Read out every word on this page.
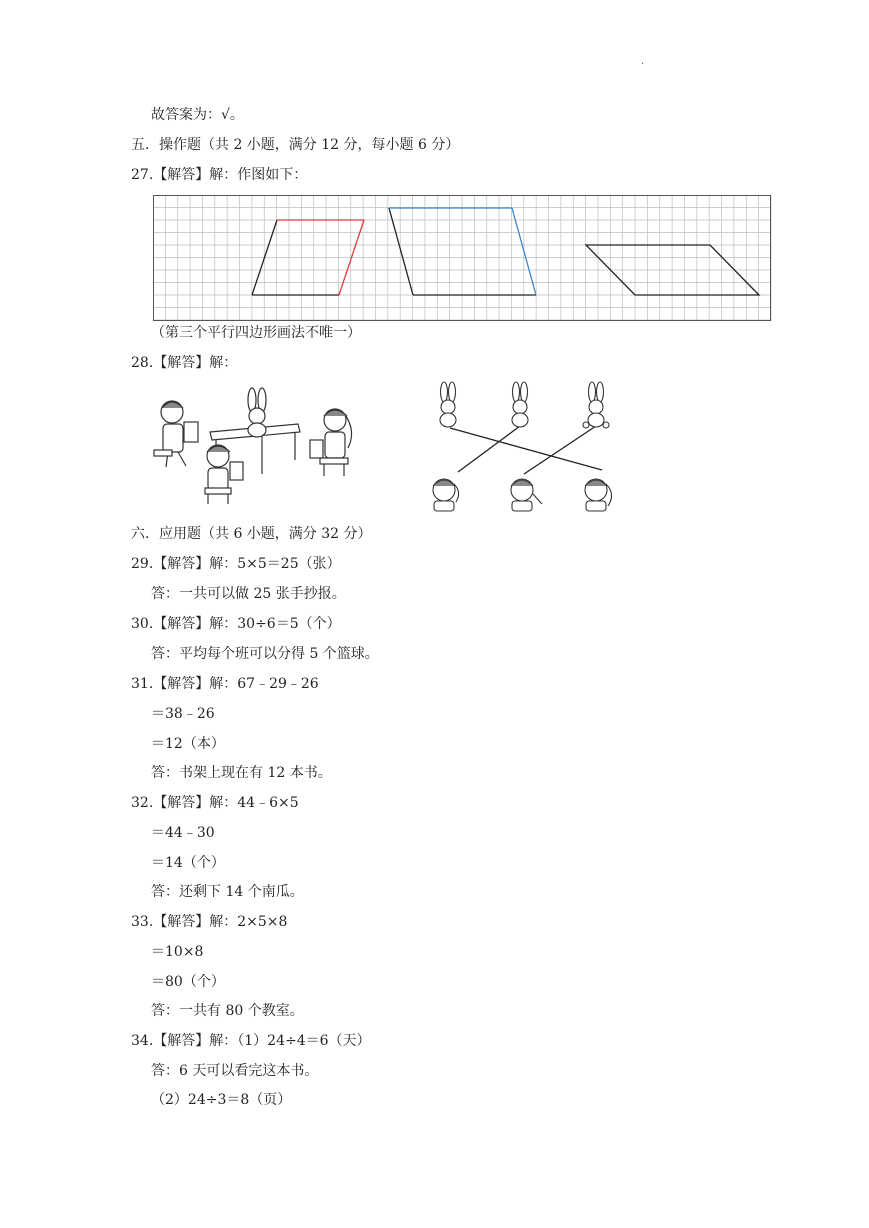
.
故答案为：√。
五．操作题（共 2 小题，满分 12 分，每小题 6 分）
27.【解答】解：作图如下：
（第三个平行四边形画法不唯一）
28.【解答】解：
六．应用题（共 6 小题，满分 32 分）
29.【解答】解：5×5＝25（张）
答：一共可以做 25 张手抄报。
30.【解答】解：30÷6＝5（个）
答：平均每个班可以分得 5 个篮球。
31.【解答】解：67﹣29﹣26
＝38﹣26
＝12（本）
答：书架上现在有 12 本书。
32.【解答】解：44﹣6×5
＝44﹣30
＝14（个）
答：还剩下 14 个南瓜。
33.【解答】解：2×5×8
＝10×8
＝80（个）
答：一共有 80 个教室。
34.【解答】解：（1）24÷4＝6（天）
答：6 天可以看完这本书。
（2）24÷3＝8（页）
